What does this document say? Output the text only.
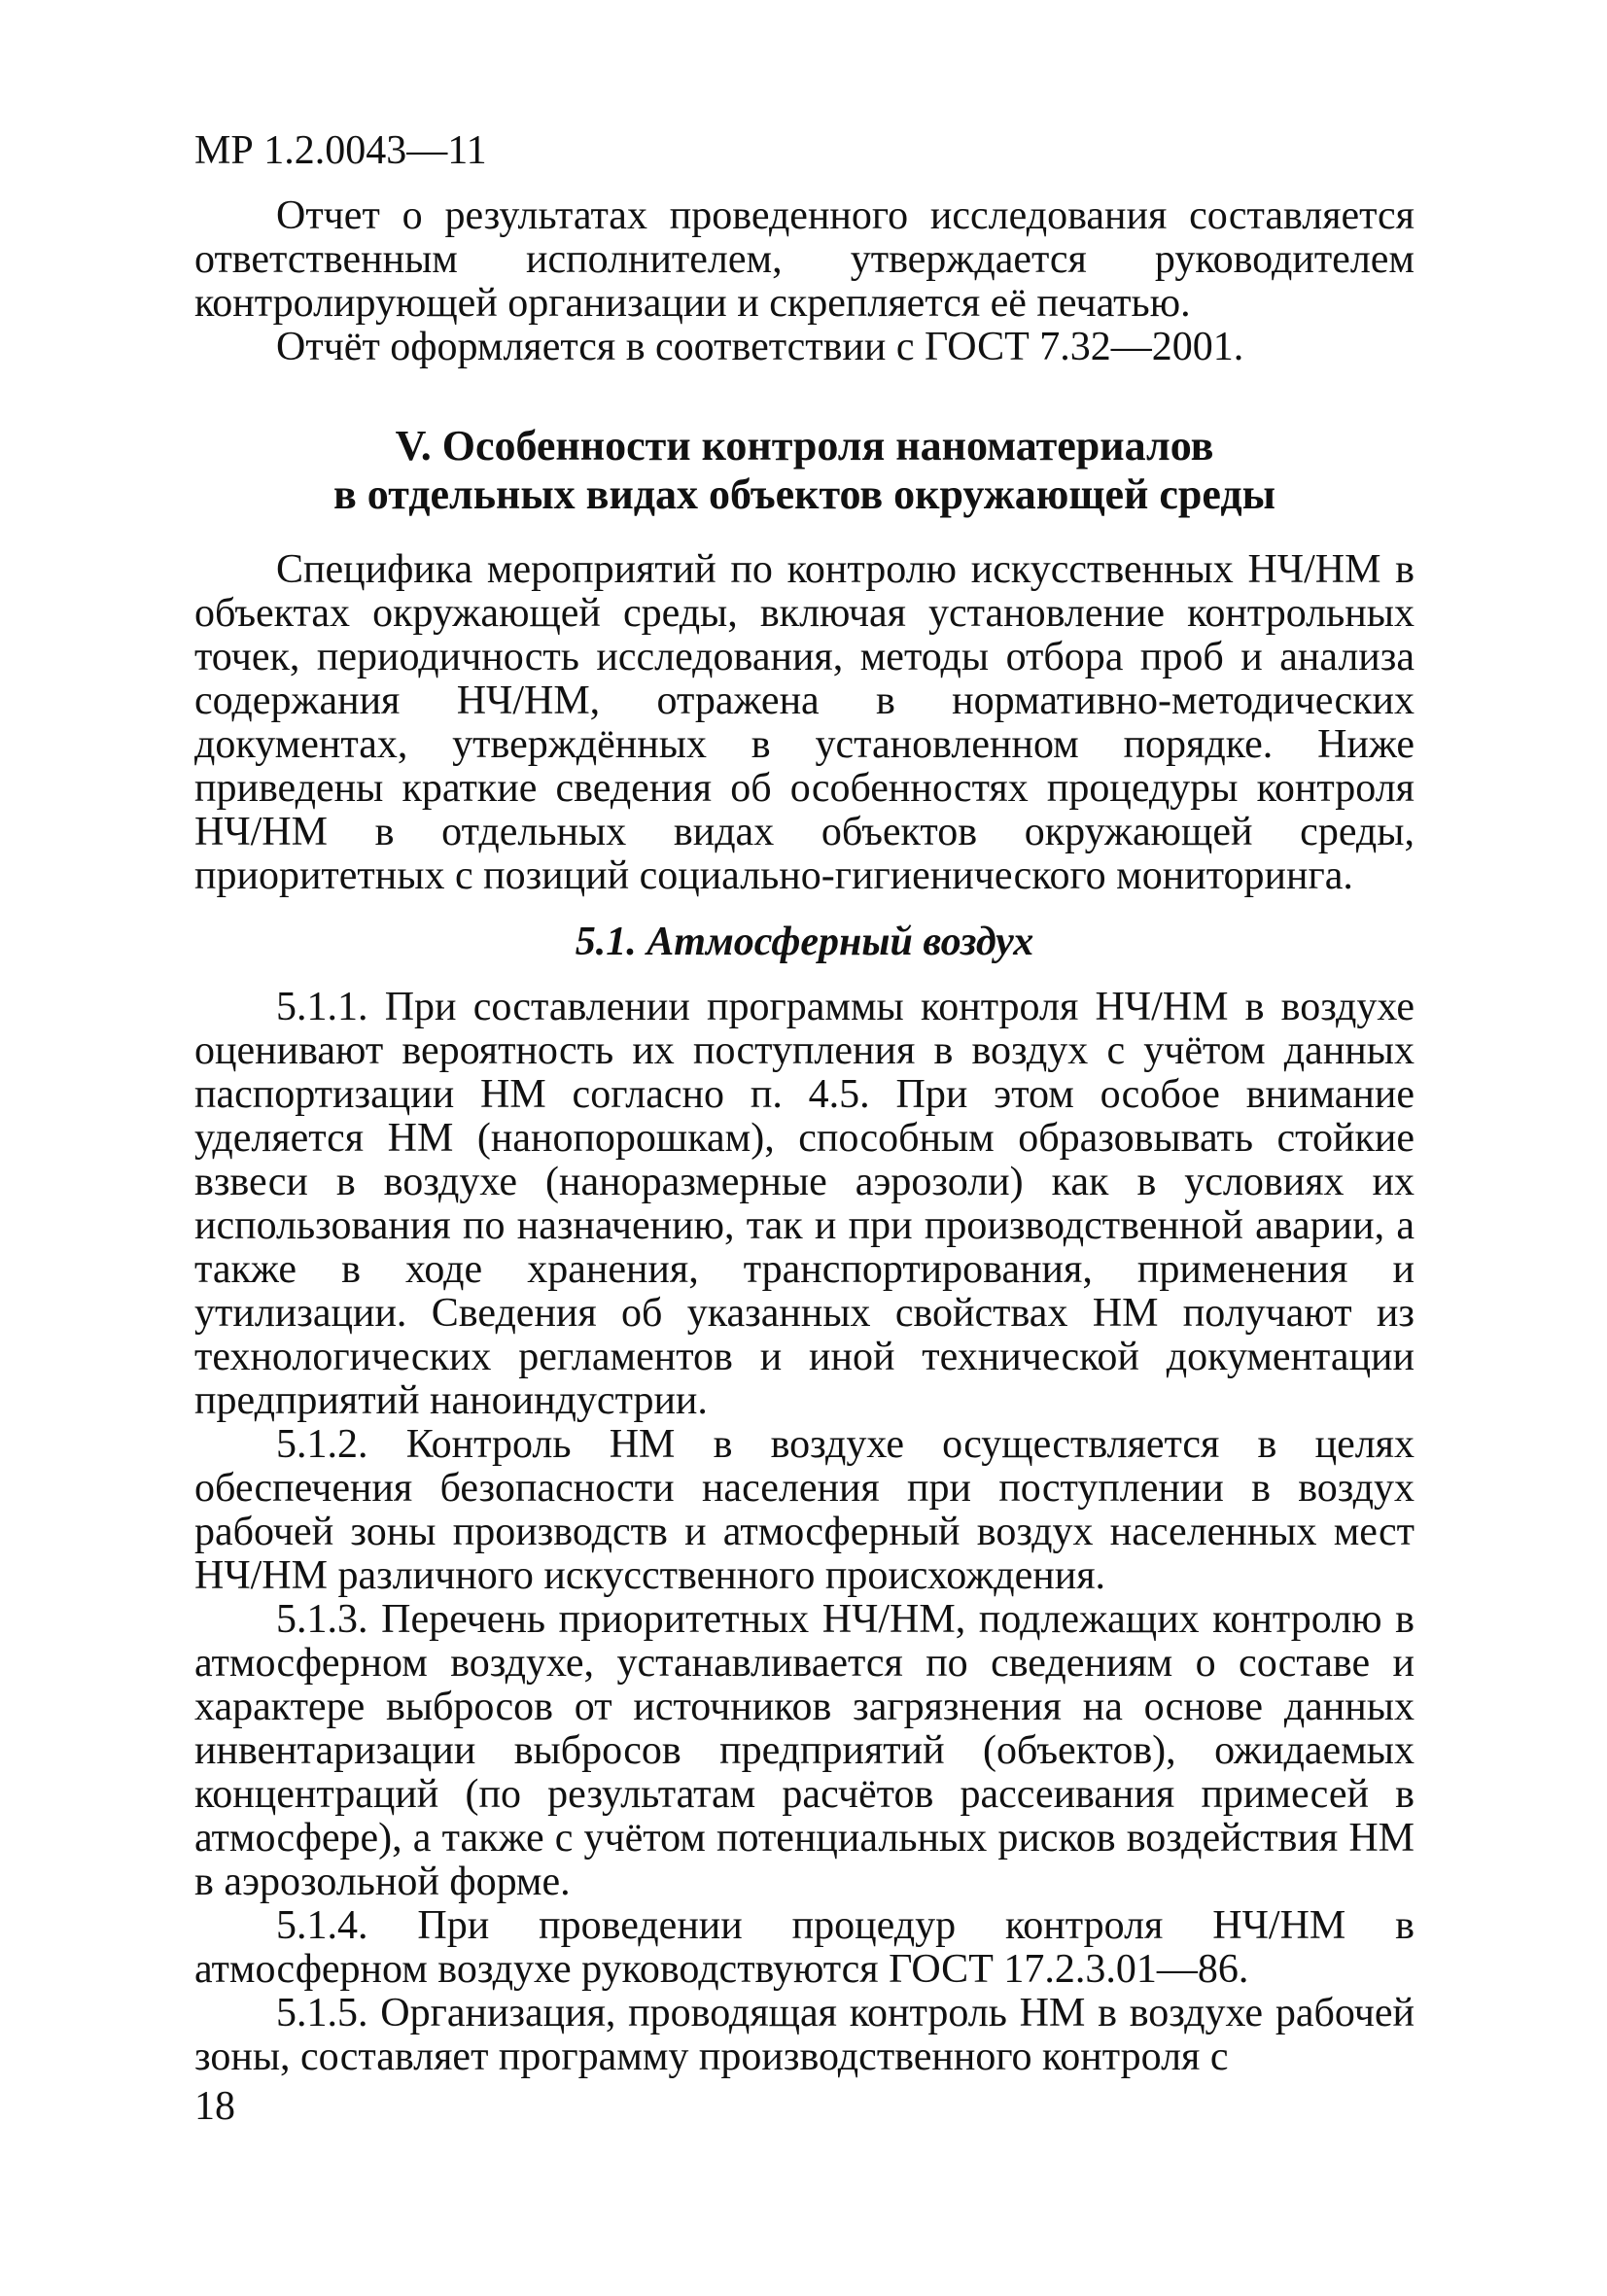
МР 1.2.0043—11

Отчет о результатах проведенного исследования составляется ответственным исполнителем, утверждается руководителем контролирующей организации и скрепляется её печатью.

Отчёт оформляется в соответствии с ГОСТ 7.32—2001.

V. Особенности контроля наноматериалов
в отдельных видах объектов окружающей среды

Специфика мероприятий по контролю искусственных НЧ/НМ в объектах окружающей среды, включая установление контрольных точек, периодичность исследования, методы отбора проб и анализа содержания НЧ/НМ, отражена в нормативно-методических документах, утверждённых в установленном порядке. Ниже приведены краткие сведения об особенностях процедуры контроля НЧ/НМ в отдельных видах объектов окружающей среды, приоритетных с позиций социально-гигиенического мониторинга.

5.1. Атмосферный воздух

5.1.1. При составлении программы контроля НЧ/НМ в воздухе оценивают вероятность их поступления в воздух с учётом данных паспортизации НМ согласно п. 4.5. При этом особое внимание уделяется НМ (нанопорошкам), способным образовывать стойкие взвеси в воздухе (наноразмерные аэрозоли) как в условиях их использования по назначению, так и при производственной аварии, а также в ходе хранения, транспортирования, применения и утилизации. Сведения об указанных свойствах НМ получают из технологических регламентов и иной технической документации предприятий наноиндустрии.

5.1.2. Контроль НМ в воздухе осуществляется в целях обеспечения безопасности населения при поступлении в воздух рабочей зоны производств и атмосферный воздух населенных мест НЧ/НМ различного искусственного происхождения.

5.1.3. Перечень приоритетных НЧ/НМ, подлежащих контролю в атмосферном воздухе, устанавливается по сведениям о составе и характере выбросов от источников загрязнения на основе данных инвентаризации выбросов предприятий (объектов), ожидаемых концентраций (по результатам расчётов рассеивания примесей в атмосфере), а также с учётом потенциальных рисков воздействия НМ в аэрозольной форме.

5.1.4. При проведении процедур контроля НЧ/НМ в атмосферном воздухе руководствуются ГОСТ 17.2.3.01—86.

5.1.5. Организация, проводящая контроль НМ в воздухе рабочей зоны, составляет программу производственного контроля с

18
